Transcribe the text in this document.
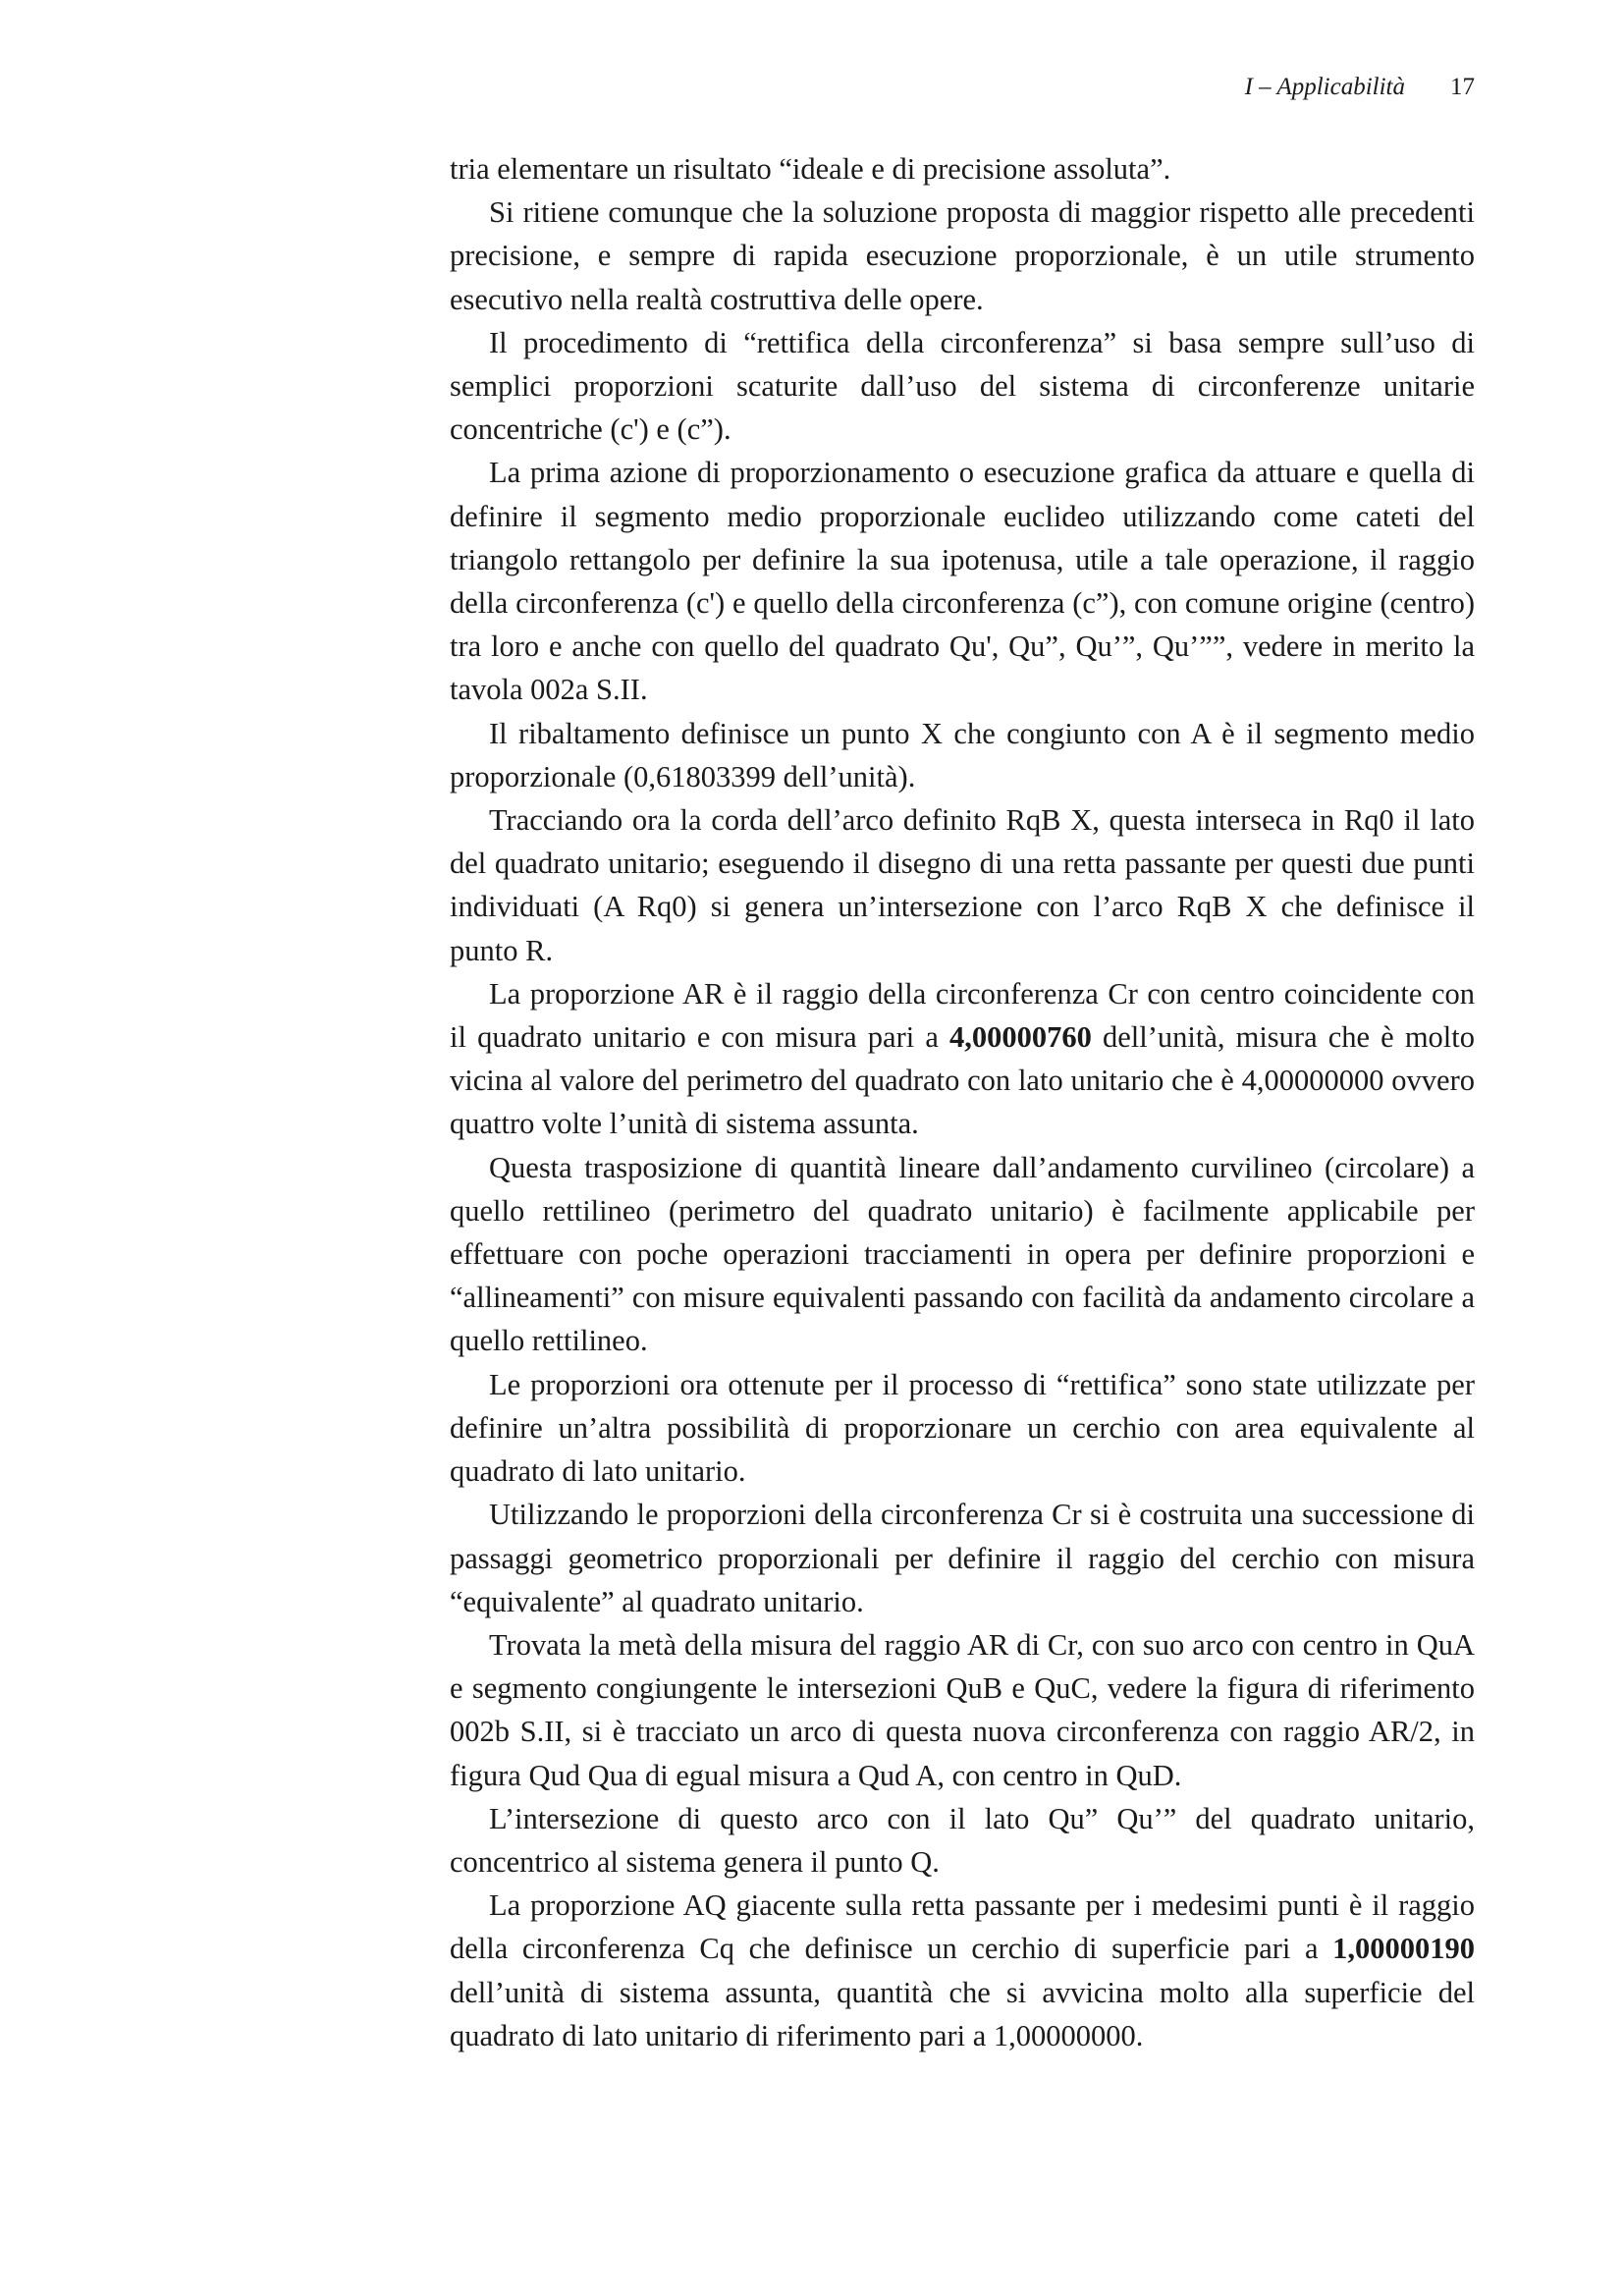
I – Applicabilità 17

tria elementare un risultato “ideale e di precisione assoluta”.

Si ritiene comunque che la soluzione proposta di maggior rispetto alle precedenti precisione, e sempre di rapida esecuzione proporzionale, è un utile strumento esecutivo nella realtà costruttiva delle opere.

Il procedimento di “rettifica della circonferenza” si basa sempre sull’uso di semplici proporzioni scaturite dall’uso del sistema di circonferenze unitarie concentriche (c') e (c”).

La prima azione di proporzionamento o esecuzione grafica da attuare e quella di definire il segmento medio proporzionale euclideo utilizzando come cateti del triangolo rettangolo per definire la sua ipotenusa, utile a tale operazione, il raggio della circonferenza (c') e quello della circonferenza (c”), con comune origine (centro) tra loro e anche con quello del quadrato Qu', Qu”, Qu’”, Qu’””, vedere in merito la tavola 002a S.II.

Il ribaltamento definisce un punto X che congiunto con A è il segmento medio proporzionale (0,61803399 dell’unità).

Tracciando ora la corda dell’arco definito RqB X, questa interseca in Rq0 il lato del quadrato unitario; eseguendo il disegno di una retta passante per questi due punti individuati (A Rq0) si genera un’intersezione con l’arco RqB X che definisce il punto R.

La proporzione AR è il raggio della circonferenza Cr con centro coincidente con il quadrato unitario e con misura pari a 4,00000760 dell’unità, misura che è molto vicina al valore del perimetro del quadrato con lato unitario che è 4,00000000 ovvero quattro volte l’unità di sistema assunta.

Questa trasposizione di quantità lineare dall’andamento curvilineo (circolare) a quello rettilineo (perimetro del quadrato unitario) è facilmente applicabile per effettuare con poche operazioni tracciamenti in opera per definire proporzioni e “allineamenti” con misure equivalenti passando con facilità da andamento circolare a quello rettilineo.

Le proporzioni ora ottenute per il processo di “rettifica” sono state utilizzate per definire un’altra possibilità di proporzionare un cerchio con area equivalente al quadrato di lato unitario.

Utilizzando le proporzioni della circonferenza Cr si è costruita una successione di passaggi geometrico proporzionali per definire il raggio del cerchio con misura “equivalente” al quadrato unitario.

Trovata la metà della misura del raggio AR di Cr, con suo arco con centro in QuA e segmento congiungente le intersezioni QuB e QuC, vedere la figura di riferimento 002b S.II, si è tracciato un arco di questa nuova circonferenza con raggio AR/2, in figura Qud Qua di egual misura a Qud A, con centro in QuD.

L’intersezione di questo arco con il lato Qu” Qu’” del quadrato unitario, concentrico al sistema genera il punto Q.

La proporzione AQ giacente sulla retta passante per i medesimi punti è il raggio della circonferenza Cq che definisce un cerchio di superficie pari a 1,00000190 dell’unità di sistema assunta, quantità che si avvicina molto alla superficie del quadrato di lato unitario di riferimento pari a 1,00000000.
